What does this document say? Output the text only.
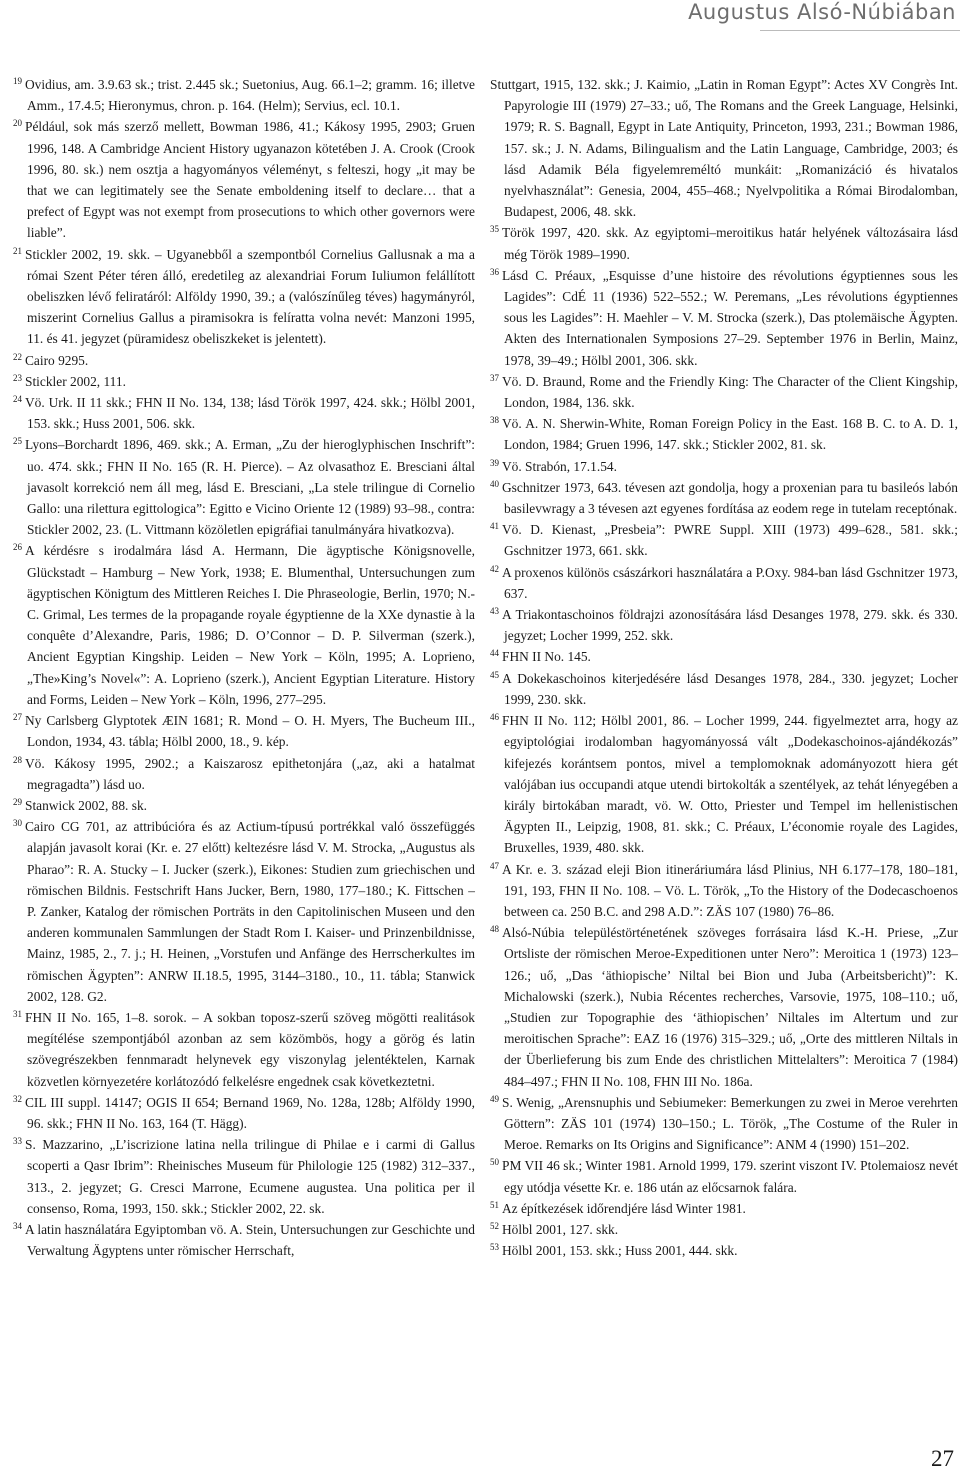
Augustus Alsó-Núbiában

$^{19}$ Ovidius, am. 3.9.63 sk.; trist. 2.445 sk.; Suetonius, Aug. 66.1–2; gramm. 16; illetve Amm., 17.4.5; Hieronymus, chron. p. 164. (Helm); Servius, ecl. 10.1.

$^{20}$ Például, sok más szerző mellett, Bowman 1986, 41.; Kákosy 1995, 2903; Gruen 1996, 148. A Cambridge Ancient History ugyanazon kötetében J. A. Crook (Crook 1996, 80. sk.) nem osztja a hagyományos véleményt, s felteszi, hogy „it may be that we can legitimately see the Senate emboldening itself to declare… that a prefect of Egypt was not exempt from prosecutions to which other governors were liable”.

$^{21}$ Stickler 2002, 19. skk. – Ugyanebből a szempontból Cornelius Gallusnak a ma a római Szent Péter téren álló, eredetileg az alexandriai Forum Iuliumon felállított obeliszken lévő feliratáról: Alföldy 1990, 39.; a (valószínűleg téves) hagymányról, miszerint Cornelius Gallus a piramisokra is felíratta volna nevét: Manzoni 1995, 11. és 41. jegyzet (püramidesz obeliszkeket is jelentett).

$^{22}$ Cairo 9295.

$^{23}$ Stickler 2002, 111.

$^{24}$ Vö. Urk. II 11 skk.; FHN II No. 134, 138; lásd Török 1997, 424. skk.; Hölbl 2001, 153. skk.; Huss 2001, 506. skk.

$^{25}$ Lyons–Borchardt 1896, 469. skk.; A. Erman, „Zu der hieroglyphischen Inschrift”: uo. 474. skk.; FHN II No. 165 (R. H. Pierce). – Az olvasathoz E. Bresciani által javasolt korrekció nem áll meg, lásd E. Bresciani, „La stele trilingue di Cornelio Gallo: una rilettura egittologica”: Egitto e Vicino Oriente 12 (1989) 93–98., contra: Stickler 2002, 23. (L. Vittmann közöletlen epigráfiai tanulmányára hivatkozva).

$^{26}$ A kérdésre s irodalmára lásd A. Hermann, Die ägyptische Königsnovelle, Glückstadt – Hamburg – New York, 1938; E. Blumenthal, Untersuchungen zum ägyptischen Königtum des Mittleren Reiches I. Die Phraseologie, Berlin, 1970; N.-C. Grimal, Les termes de la propagande royale égyptienne de la XXe dynastie à la conquête d’Alexandre, Paris, 1986; D. O’Connor – D. P. Silverman (szerk.), Ancient Egyptian Kingship. Leiden – New York – Köln, 1995; A. Loprieno, „The»King’s Novel«”: A. Loprieno (szerk.), Ancient Egyptian Literature. History and Forms, Leiden – New York – Köln, 1996, 277–295.

$^{27}$ Ny Carlsberg Glyptotek ÆIN 1681; R. Mond – O. H. Myers, The Bucheum III., London, 1934, 43. tábla; Hölbl 2000, 18., 9. kép.

$^{28}$ Vö. Kákosy 1995, 2902.; a Kaiszarosz epithetonjára („az, aki a hatalmat megragadta”) lásd uo.

$^{29}$ Stanwick 2002, 88. sk.

$^{30}$ Cairo CG 701, az attribúcióra és az Actium-típusú portrékkal való összefüggés alapján javasolt korai (Kr. e. 27 előtt) keltezésre lásd V. M. Strocka, „Augustus als Pharao”: R. A. Stucky – I. Jucker (szerk.), Eikones: Studien zum griechischen und römischen Bildnis. Festschrift Hans Jucker, Bern, 1980, 177–180.; K. Fittschen – P. Zanker, Katalog der römischen Porträts in den Capitolinischen Museen und den anderen kommunalen Sammlungen der Stadt Rom I. Kaiser- und Prinzenbildnisse, Mainz, 1985, 2., 7. j.; H. Heinen, „Vorstufen und Anfänge des Herrscherkultes im römischen Ägypten”: ANRW II.18.5, 1995, 3144–3180., 10., 11. tábla; Stanwick 2002, 128. G2.

$^{31}$ FHN II No. 165, 1–8. sorok. – A sokban toposz-szerű szöveg mögötti realitások megítélése szempontjából azonban az sem közömbös, hogy a görög és latin szövegrészekben fennmaradt helynevek egy viszonylag jelentéktelen, Karnak közvetlen környezetére korlátozódó felkelésre engednek csak következtetni.

$^{32}$ CIL III suppl. 14147; OGIS II 654; Bernand 1969, No. 128a, 128b; Alföldy 1990, 96. skk.; FHN II No. 163, 164 (T. Hägg).

$^{33}$ S. Mazzarino, „L’iscrizione latina nella trilingue di Philae e i carmi di Gallus scoperti a Qasr Ibrim”: Rheinisches Museum für Philologie 125 (1982) 312–337., 313., 2. jegyzet; G. Cresci Marrone, Ecumene augustea. Una politica per il consenso, Roma, 1993, 150. skk.; Stickler 2002, 22. sk.

$^{34}$ A latin használatára Egyiptomban vö. A. Stein, Untersuchungen zur Geschichte und Verwaltung Ägyptens unter römischer Herrschaft,

Stuttgart, 1915, 132. skk.; J. Kaimio, „Latin in Roman Egypt”: Actes XV Congrès Int. Papyrologie III (1979) 27–33.; uő, The Romans and the Greek Language, Helsinki, 1979; R. S. Bagnall, Egypt in Late Antiquity, Princeton, 1993, 231.; Bowman 1986, 157. sk.; J. N. Adams, Bilingualism and the Latin Language, Cambridge, 2003; és lásd Adamik Béla figyelemreméltó munkáit: „Romanizáció és hivatalos nyelvhasználat”: Genesia, 2004, 455–468.; Nyelvpolitika a Római Birodalomban, Budapest, 2006, 48. skk.

$^{35}$ Török 1997, 420. skk. Az egyiptomi–meroitikus határ helyének változásaira lásd még Török 1989–1990.

$^{36}$ Lásd C. Préaux, „Esquisse d’une histoire des révolutions égyptiennes sous les Lagides”: CdÉ 11 (1936) 522–552.; W. Peremans, „Les révolutions égyptiennes sous les Lagides”: H. Maehler – V. M. Strocka (szerk.), Das ptolemäische Ägypten. Akten des Internationalen Symposions 27–29. September 1976 in Berlin, Mainz, 1978, 39–49.; Hölbl 2001, 306. skk.

$^{37}$ Vö. D. Braund, Rome and the Friendly King: The Character of the Client Kingship, London, 1984, 136. skk.

$^{38}$ Vö. A. N. Sherwin-White, Roman Foreign Policy in the East. 168 B. C. to A. D. 1, London, 1984; Gruen 1996, 147. skk.; Stickler 2002, 81. sk.

$^{39}$ Vö. Strabón, 17.1.54.

$^{40}$ Gschnitzer 1973, 643. tévesen azt gondolja, hogy a proxenian para tu basileós labón basilevwragy a 3 tévesen azt egyenes fordítása az eodem rege in tutelam receptónak.

$^{41}$ Vö. D. Kienast, „Presbeia”: PWRE Suppl. XIII (1973) 499–628., 581. skk.; Gschnitzer 1973, 661. skk.

$^{42}$ A proxenos különös császárkori használatára a P.Oxy. 984-ban lásd Gschnitzer 1973, 637.

$^{43}$ A Triakontaschoinos földrajzi azonosítására lásd Desanges 1978, 279. skk. és 330. jegyzet; Locher 1999, 252. skk.

$^{44}$ FHN II No. 145.

$^{45}$ A Dokekaschoinos kiterjedésére lásd Desanges 1978, 284., 330. jegyzet; Locher 1999, 230. skk.

$^{46}$ FHN II No. 112; Hölbl 2001, 86. – Locher 1999, 244. figyelmeztet arra, hogy az egyiptológiai irodalomban hagyományossá vált „Dodekaschoinos-ajándékozás” kifejezés korántsem pontos, mivel a templomoknak adományozott hiera gét valójában ius occupandi atque utendi birtokolták a szentélyek, az tehát lényegében a király birtokában maradt, vö. W. Otto, Priester und Tempel im hellenistischen Ägypten II., Leipzig, 1908, 81. skk.; C. Préaux, L’économie royale des Lagides, Bruxelles, 1939, 480. skk.

$^{47}$ A Kr. e. 3. század eleji Bion itineráriumára lásd Plinius, NH 6.177–178, 180–181, 191, 193, FHN II No. 108. – Vö. L. Török, „To the History of the Dodecaschoenos between ca. 250 B.C. and 298 A.D.”: ZÄS 107 (1980) 76–86.

$^{48}$ Alsó-Núbia településtörténetének szöveges forrásaira lásd K.-H. Priese, „Zur Ortsliste der römischen Meroe-Expeditionen unter Nero”: Meroitica 1 (1973) 123–126.; uő, „Das ‘äthiopische’ Niltal bei Bion und Juba (Arbeitsbericht)”: K. Michalowski (szerk.), Nubia Récentes recherches, Varsovie, 1975, 108–110.; uő, „Studien zur Topographie des ‘äthiopischen’ Niltales im Altertum und zur meroitischen Sprache”: EAZ 16 (1976) 315–329.; uő, „Orte des mittleren Niltals in der Überlieferung bis zum Ende des christlichen Mittelalters”: Meroitica 7 (1984) 484–497.; FHN II No. 108, FHN III No. 186a.

$^{49}$ S. Wenig, „Arensnuphis und Sebiumeker: Bemerkungen zu zwei in Meroe verehrten Göttern”: ZÄS 101 (1974) 130–150.; L. Török, „The Costume of the Ruler in Meroe. Remarks on Its Origins and Significance”: ANM 4 (1990) 151–202.

$^{50}$ PM VII 46 sk.; Winter 1981. Arnold 1999, 179. szerint viszont IV. Ptolemaiosz nevét egy utódja vésette Kr. e. 186 után az előcsarnok falára.

$^{51}$ Az építkezések időrendjére lásd Winter 1981.

$^{52}$ Hölbl 2001, 127. skk.

$^{53}$ Hölbl 2001, 153. skk.; Huss 2001, 444. skk.

27
